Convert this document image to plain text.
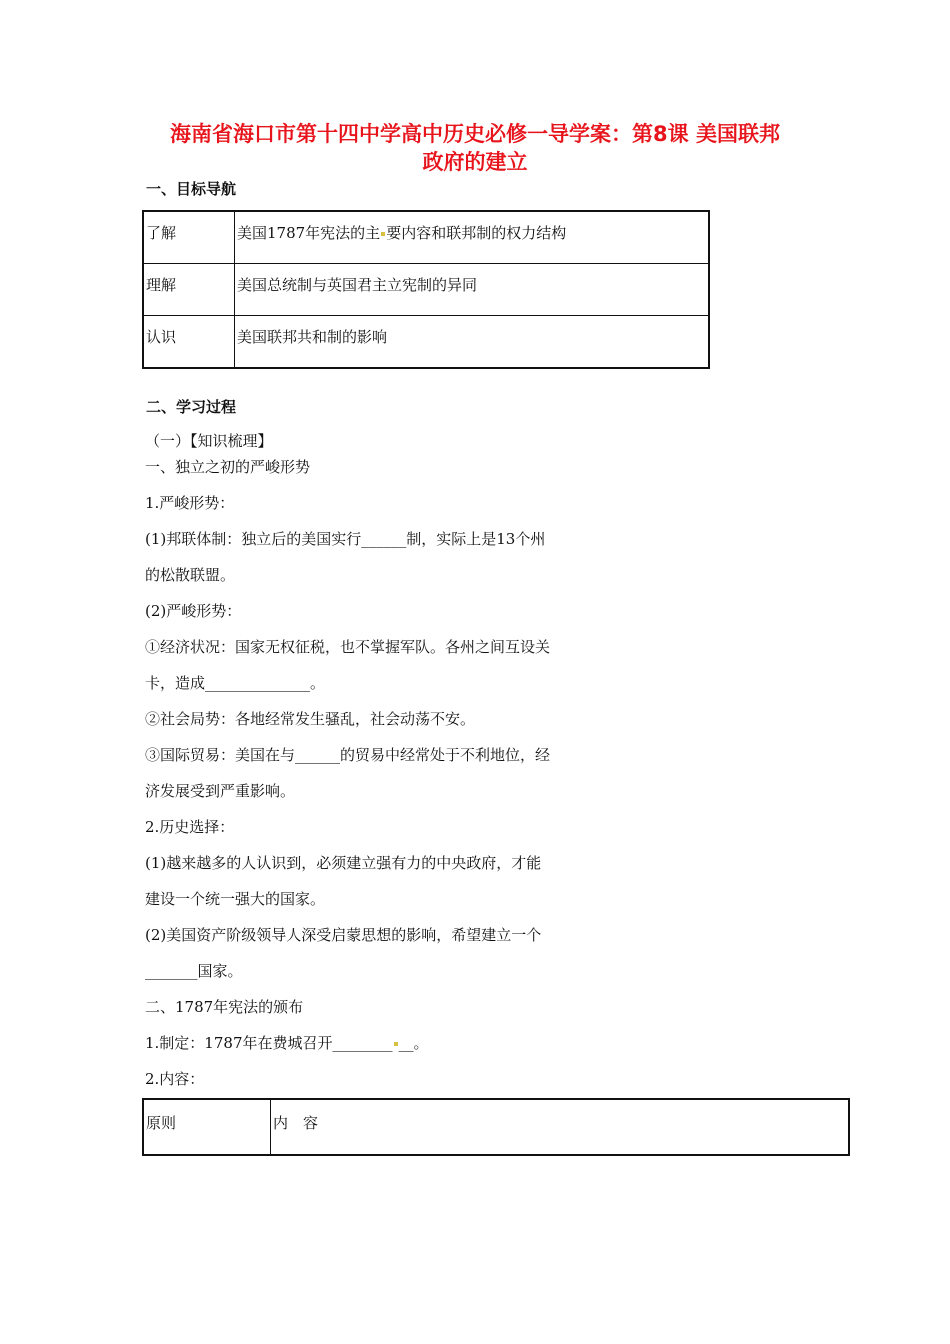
海南省海口市第十四中学高中历史必修一导学案：第8课 美国联邦
政府的建立
一、目标导航
了解	美国1787年宪法的主 要内容和联邦制的权力结构
理解	美国总统制与英国君主立宪制的异同
认识	美国联邦共和制的影响
二、学习过程
（一）【知识梳理】
一、独立之初的严峻形势
1.严峻形势：
(1)邦联体制：独立后的美国实行______制，实际上是13个州
的松散联盟。
(2)严峻形势：
①经济状况：国家无权征税，也不掌握军队。各州之间互设关
卡，造成______________。
②社会局势：各地经常发生骚乱，社会动荡不安。
③国际贸易：美国在与______的贸易中经常处于不利地位，经
济发展受到严重影响。
2.历史选择：
(1)越来越多的人认识到，必须建立强有力的中央政府，才能
建设一个统一强大的国家。
(2)美国资产阶级领导人深受启蒙思想的影响，希望建立一个
_______国家。
二、1787年宪法的颁布
1.制定：1787年在费城召开________ __。
2.内容：
原则	内　容
